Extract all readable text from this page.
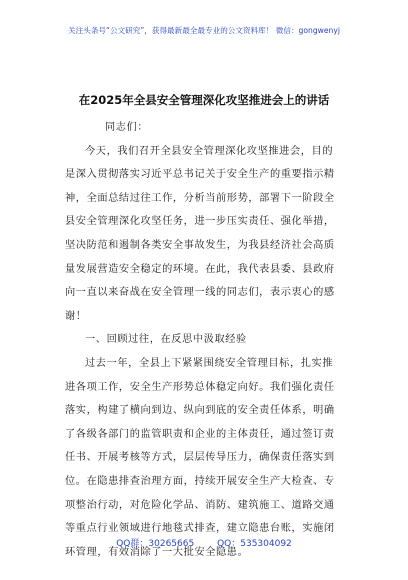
关注头条号“公文研究”，获得最新最全最专业的公文资料库！ 微信：gongwenyj
在2025年全县安全管理深化攻坚推进会上的讲话
同志们：
今天，我们召开全县安全管理深化攻坚推进会，目的
是深入贯彻落实习近平总书记关于安全生产的重要指示精
神，全面总结过往工作，分析当前形势，部署下一阶段全
县安全管理深化攻坚任务，进一步压实责任、强化举措，
坚决防范和遏制各类安全事故发生，为我县经济社会高质
量发展营造安全稳定的环境。在此，我代表县委、县政府
向一直以来奋战在安全管理一线的同志们，表示衷心的感
谢！
一、回顾过往，在反思中汲取经验
过去一年，全县上下紧紧围绕安全管理目标，扎实推
进各项工作，安全生产形势总体稳定向好。我们强化责任
落实，构建了横向到边、纵向到底的安全责任体系，明确
了各级各部门的监管职责和企业的主体责任，通过签订责
任书、开展考核等方式，层层传导压力，确保责任落实到
位。在隐患排查治理方面，持续开展安全生产大检查、专
项整治行动，对危险化学品、消防、建筑施工、道路交通
等重点行业领域进行地毯式排查，建立隐患台账，实施闭
环管理，有效消除了一大批安全隐患。
QQ群：30265665	QQ：535304092
